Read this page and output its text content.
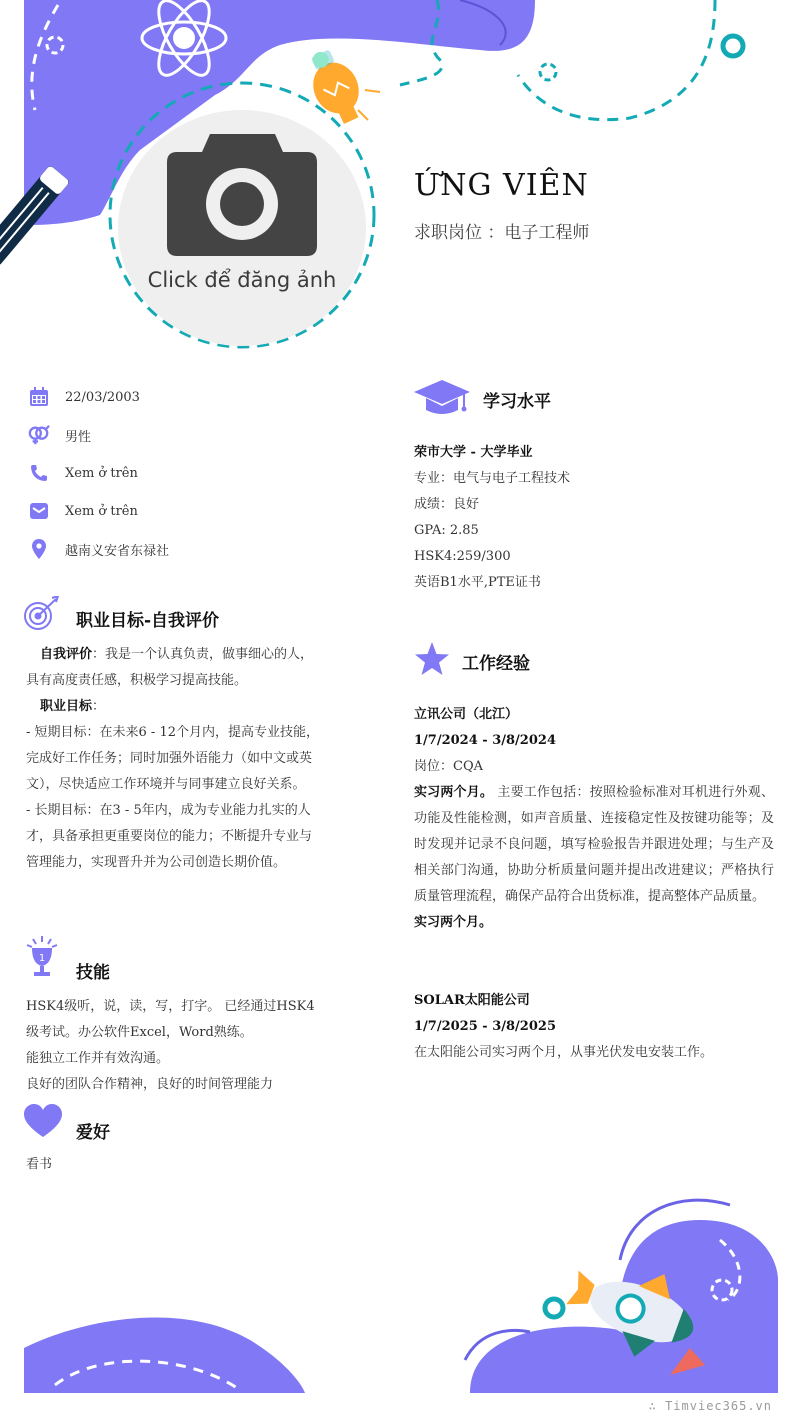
Click để đăng ảnh
ỨNG VIÊN
求职岗位 ：电子工程师
22/03/2003
男性
Xem ở trên
Xem ở trên
越南义安省东禄社
职业目标-自我评价
自我评价：我是一个认真负责，做事细心的人，具有高度责任感，积极学习提高技能。
职业目标：
- 短期目标：在未来6 - 12个月内，提高专业技能，完成好工作任务；同时加强外语能力（如中文或英文），尽快适应工作环境并与同事建立良好关系。
- 长期目标：在3 - 5年内，成为专业能力扎实的人才，具备承担更重要岗位的能力；不断提升专业与管理能力，实现晋升并为公司创造长期价值。
1
技能
HSK4级听，说，读，写，打字。 已经通过HSK4级考试。办公软件Excel，Word熟练。
能独立工作并有效沟通。
良好的团队合作精神，良好的时间管理能力
爱好
看书
学习水平
荣市大学 - 大学毕业
专业：电气与电子工程技术
成绩：良好
GPA: 2.85
HSK4:259/300
英语B1水平,PTE证书
工作经验
立讯公司（北江）
1/7/2024 - 3/8/2024
岗位：CQA
实习两个月。 主要工作包括：按照检验标准对耳机进行外观、功能及性能检测，如声音质量、连接稳定性及按键功能等；及时发现并记录不良问题，填写检验报告并跟进处理；与生产及相关部门沟通，协助分析质量问题并提出改进建议；严格执行质量管理流程，确保产品符合出货标准，提高整体产品质量。
实习两个月。
SOLAR太阳能公司
1/7/2025 - 3/8/2025
在太阳能公司实习两个月，从事光伏发电安装工作。
∴ Timviec365.vn
